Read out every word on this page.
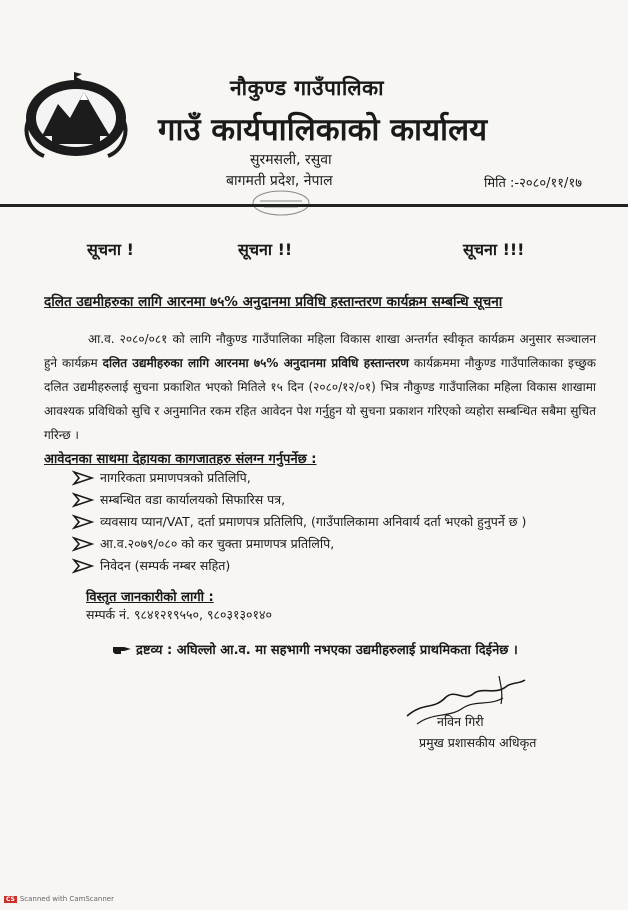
नौकुण्ड गाउँपालिका
गाउँ कार्यपालिकाको कार्यालय
सुरमसली, रसुवा
बागमती प्रदेश, नेपाल	मिति :-२०८०/११/१७
सूचना !	सूचना !!	सूचना !!!
दलित उद्यमीहरुका लागि आरनमा ७५% अनुदानमा प्रविधि हस्तान्तरण कार्यक्रम सम्बन्धि सूचना

आ.व. २०८०/०८१ को लागि नौकुण्ड गाउँपालिका महिला विकास शाखा अन्तर्गत स्वीकृत कार्यक्रम अनुसार सञ्चालन हुने कार्यक्रम दलित उद्यमीहरुका लागि आरनमा ७५% अनुदानमा प्रविधि हस्तान्तरण कार्यक्रममा नौकुण्ड गाउँपालिकाका इच्छुक दलित उद्यमीहरुलाई सुचना प्रकाशित भएको मितिले १५ दिन (२०८०/१२/०१) भित्र नौकुण्ड गाउँपालिका महिला विकास शाखामा आवश्यक प्रविधिको सुचि र अनुमानित रकम रहित आवेदन पेश गर्नुहुन यो सुचना प्रकाशन गरिएको व्यहोरा सम्बन्धित सबैमा सुचित गरिन्छ ।

आवेदनका साथमा देहायका कागजातहरु संलग्न गर्नुपर्नेछ :
नागरिकता प्रमाणपत्रको प्रतिलिपि,
सम्बन्धित वडा कार्यालयको सिफारिस पत्र,
व्यवसाय प्यान/VAT, दर्ता प्रमाणपत्र प्रतिलिपि, (गाउँपालिकामा अनिवार्य दर्ता भएको हुनुपर्ने छ )
आ.व.२०७९/०८० को कर चुक्ता प्रमाणपत्र प्रतिलिपि,
निवेदन (सम्पर्क नम्बर सहित)
विस्तृत जानकारीको लागी :
सम्पर्क नं. ९८४१२१९५५०, ९८०३१३०१४०
द्रष्टव्य : अघिल्लो आ.व. मा सहभागी नभएका उद्यमीहरुलाई प्राथमिकता दिईनेछ ।
नविन गिरी
प्रमुख प्रशासकीय अधिकृत
CS Scanned with CamScanner
